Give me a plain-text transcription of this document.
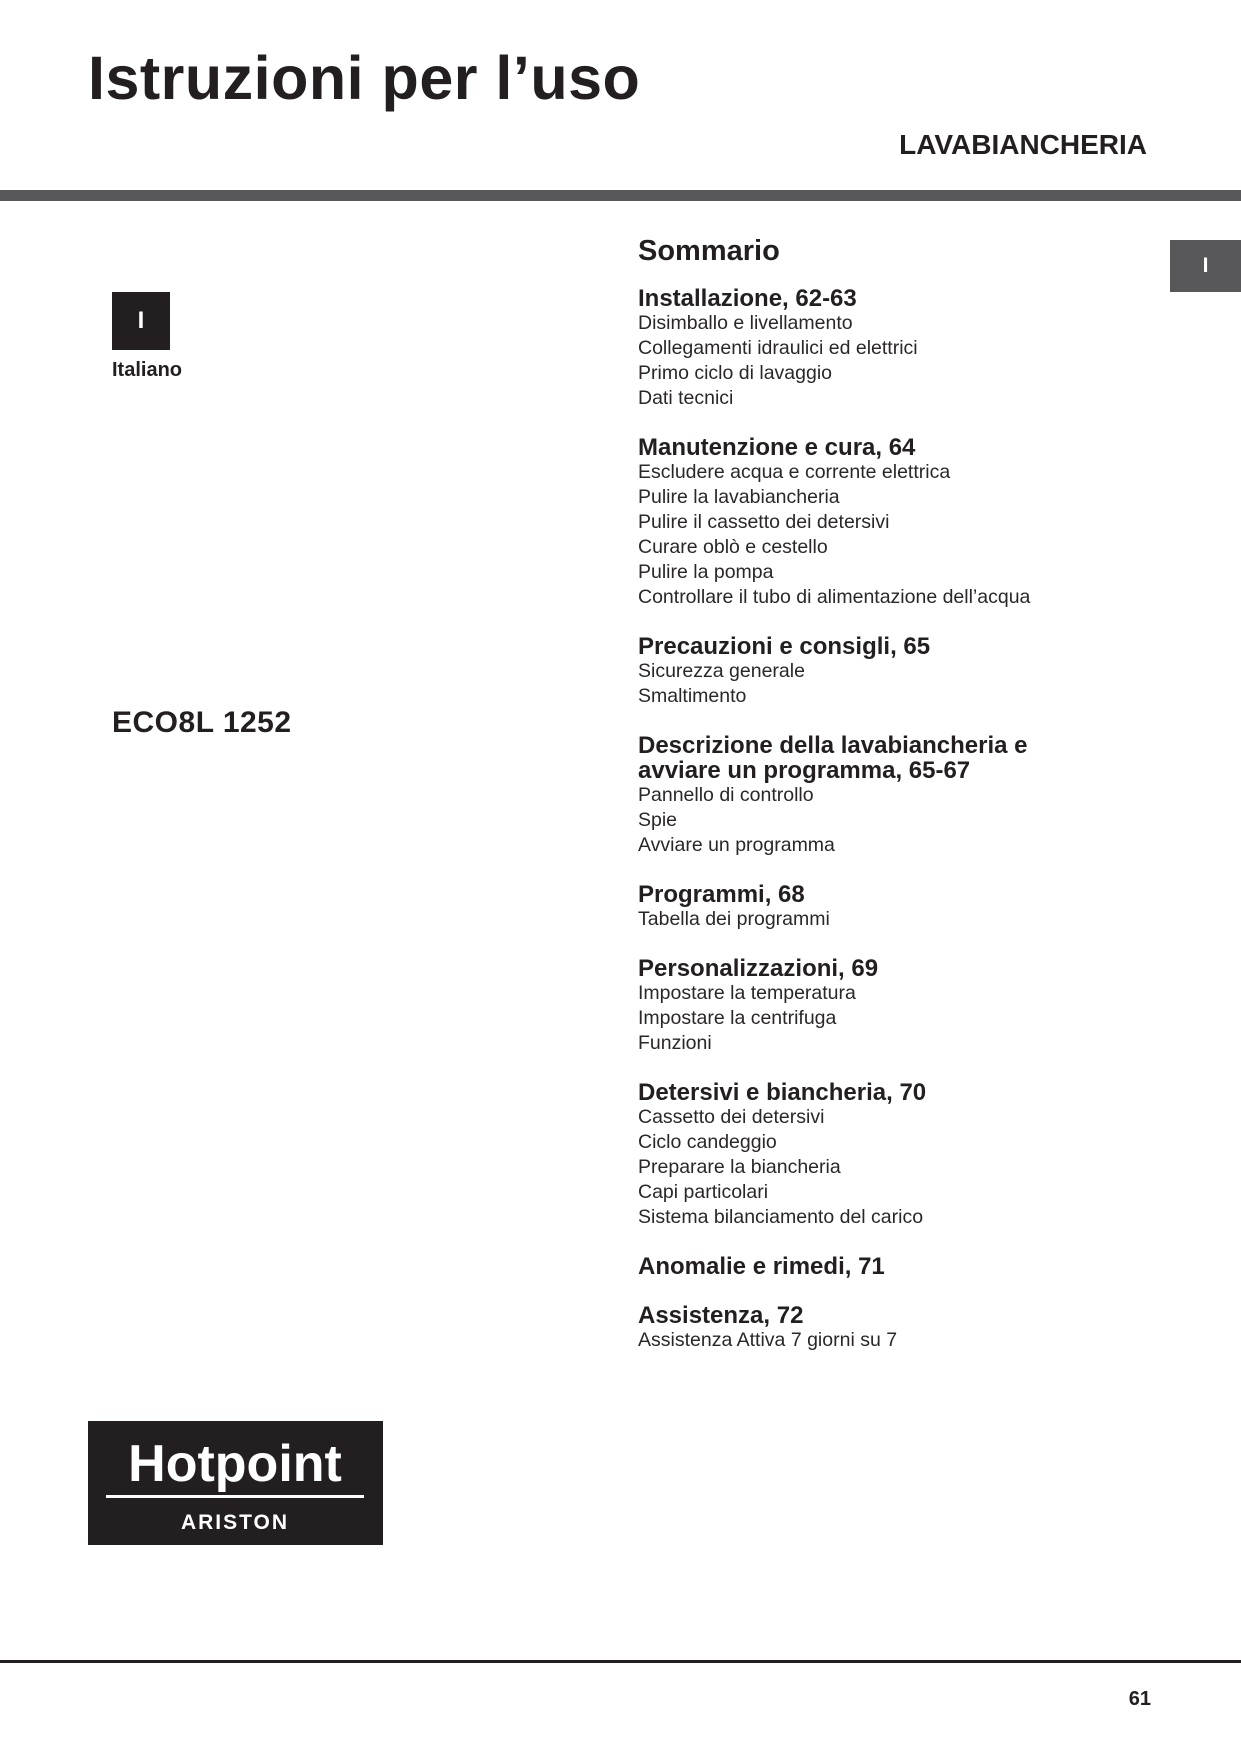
Istruzioni per l’uso
LAVABIANCHERIA
I
I
Italiano
ECO8L 1252
Sommario
Installazione, 62-63
Disimballo e livellamento
Collegamenti idraulici ed elettrici
Primo ciclo di lavaggio
Dati tecnici
Manutenzione e cura, 64
Escludere acqua e corrente elettrica
Pulire la lavabiancheria
Pulire il cassetto dei detersivi
Curare oblò e cestello
Pulire la pompa
Controllare il tubo di alimentazione dell’acqua
Precauzioni e consigli, 65
Sicurezza generale
Smaltimento
Descrizione della lavabiancheria e
avviare un programma, 65-67
Pannello di controllo
Spie
Avviare un programma
Programmi, 68
Tabella dei programmi
Personalizzazioni, 69
Impostare la temperatura
Impostare la centrifuga
Funzioni
Detersivi e biancheria, 70
Cassetto dei detersivi
Ciclo candeggio
Preparare la biancheria
Capi particolari
Sistema bilanciamento del carico
Anomalie e rimedi, 71
Assistenza, 72
Assistenza Attiva 7 giorni su 7
Hotpoint
ARISTON
61
